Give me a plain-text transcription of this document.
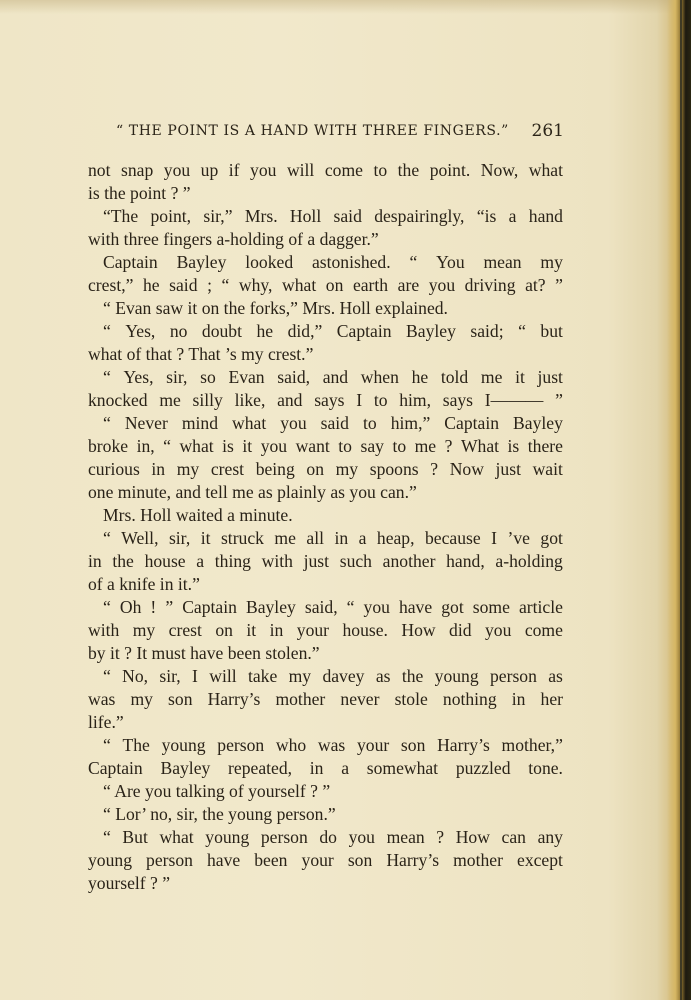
“ THE POINT IS A HAND WITH THREE FINGERS.” 261
not snap you up if you will come to the point. Now, what
is the point ? ”
“The point, sir,” Mrs. Holl said despairingly, “is a hand
with three fingers a-holding of a dagger.”
Captain Bayley looked astonished. “ You mean my
crest,” he said ; “ why, what on earth are you driving at? ”
“ Evan saw it on the forks,” Mrs. Holl explained.
“ Yes, no doubt he did,” Captain Bayley said; “ but
what of that ? That ’s my crest.”
“ Yes, sir, so Evan said, and when he told me it just
knocked me silly like, and says I to him, says I——— ”
“ Never mind what you said to him,” Captain Bayley
broke in, “ what is it you want to say to me ? What is there
curious in my crest being on my spoons ? Now just wait
one minute, and tell me as plainly as you can.”
Mrs. Holl waited a minute.
“ Well, sir, it struck me all in a heap, because I ’ve got
in the house a thing with just such another hand, a-holding
of a knife in it.”
“ Oh ! ” Captain Bayley said, “ you have got some article
with my crest on it in your house. How did you come
by it ? It must have been stolen.”
“ No, sir, I will take my davey as the young person as
was my son Harry’s mother never stole nothing in her
life.”
“ The young person who was your son Harry’s mother,”
Captain Bayley repeated, in a somewhat puzzled tone.
“ Are you talking of yourself ? ”
“ Lor’ no, sir, the young person.”
“ But what young person do you mean ? How can any
young person have been your son Harry’s mother except
yourself ? ”
